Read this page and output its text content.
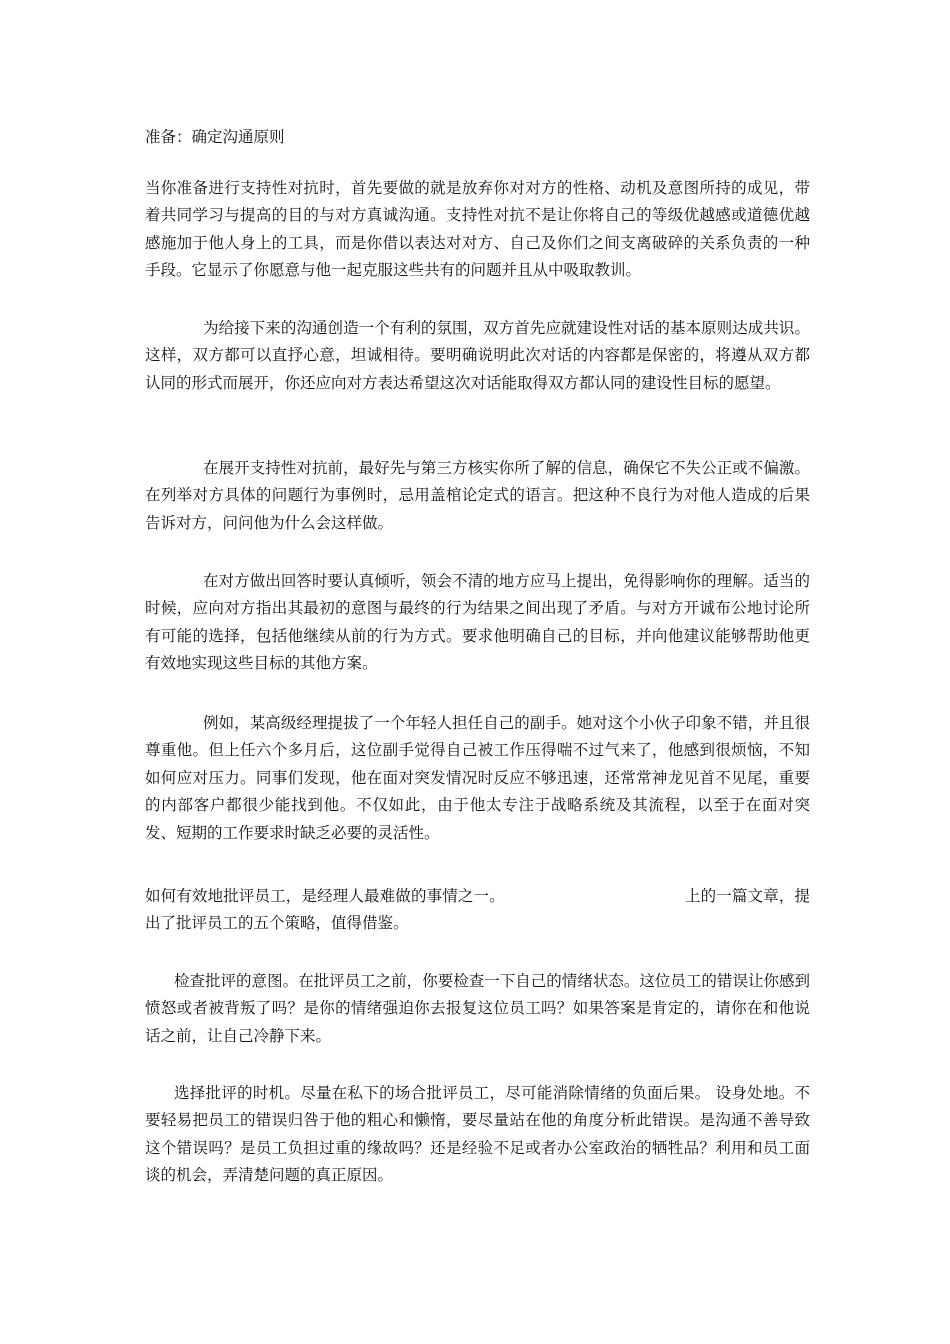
准备：确定沟通原则

当你准备进行支持性对抗时，首先要做的就是放弃你对对方的性格、动机及意图所持的成见，带着共同学习与提高的目的与对方真诚沟通。支持性对抗不是让你将自己的等级优越感或道德优越感施加于他人身上的工具，而是你借以表达对对方、自己及你们之间支离破碎的关系负责的一种手段。它显示了你愿意与他一起克服这些共有的问题并且从中吸取教训。

为给接下来的沟通创造一个有利的氛围，双方首先应就建设性对话的基本原则达成共识。这样，双方都可以直抒心意，坦诚相待。要明确说明此次对话的内容都是保密的，将遵从双方都认同的形式而展开，你还应向对方表达希望这次对话能取得双方都认同的建设性目标的愿望。

在展开支持性对抗前，最好先与第三方核实你所了解的信息，确保它不失公正或不偏激。在列举对方具体的问题行为事例时，忌用盖棺论定式的语言。把这种不良行为对他人造成的后果告诉对方，问问他为什么会这样做。

在对方做出回答时要认真倾听，领会不清的地方应马上提出，免得影响你的理解。适当的时候，应向对方指出其最初的意图与最终的行为结果之间出现了矛盾。与对方开诚布公地讨论所有可能的选择，包括他继续从前的行为方式。要求他明确自己的目标，并向他建议能够帮助他更有效地实现这些目标的其他方案。

例如，某高级经理提拔了一个年轻人担任自己的副手。她对这个小伙子印象不错，并且很尊重他。但上任六个多月后，这位副手觉得自己被工作压得喘不过气来了，他感到很烦恼，不知如何应对压力。同事们发现，他在面对突发情况时反应不够迅速，还常常神龙见首不见尾，重要的内部客户都很少能找到他。不仅如此，由于他太专注于战略系统及其流程，以至于在面对突发、短期的工作要求时缺乏必要的灵活性。

如何有效地批评员工，是经理人最难做的事情之一。	上的一篇文章，提出了批评员工的五个策略，值得借鉴。

检查批评的意图。在批评员工之前，你要检查一下自己的情绪状态。这位员工的错误让你感到愤怒或者被背叛了吗？是你的情绪强迫你去报复这位员工吗？如果答案是肯定的，请你在和他说话之前，让自己冷静下来。

选择批评的时机。尽量在私下的场合批评员工，尽可能消除情绪的负面后果。 设身处地。不要轻易把员工的错误归咎于他的粗心和懒惰，要尽量站在他的角度分析此错误。是沟通不善导致这个错误吗？是员工负担过重的缘故吗？还是经验不足或者办公室政治的牺牲品？利用和员工面谈的机会，弄清楚问题的真正原因。
